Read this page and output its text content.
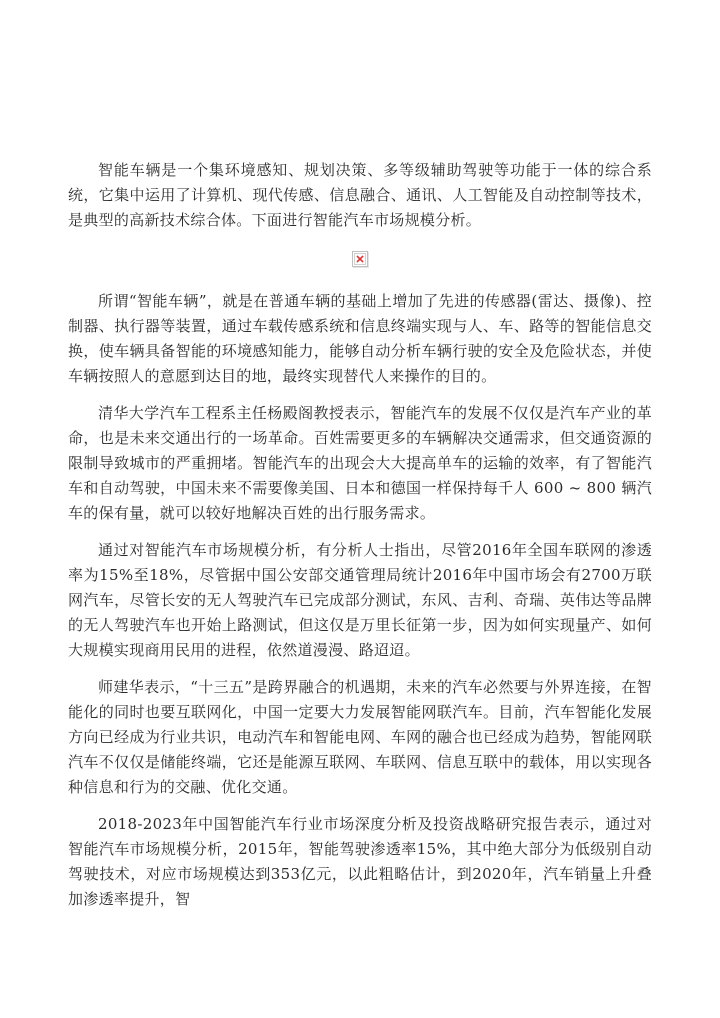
智能车辆是一个集环境感知、规划决策、多等级辅助驾驶等功能于一体的综合系统，它集中运用了计算机、现代传感、信息融合、通讯、人工智能及自动控制等技术，是典型的高新技术综合体。下面进行智能汽车市场规模分析。

所谓“智能车辆”，就是在普通车辆的基础上增加了先进的传感器(雷达、摄像)、控制器、执行器等装置，通过车载传感系统和信息终端实现与人、车、路等的智能信息交换，使车辆具备智能的环境感知能力，能够自动分析车辆行驶的安全及危险状态，并使车辆按照人的意愿到达目的地，最终实现替代人来操作的目的。

清华大学汽车工程系主任杨殿阁教授表示，智能汽车的发展不仅仅是汽车产业的革命，也是未来交通出行的一场革命。百姓需要更多的车辆解决交通需求，但交通资源的限制导致城市的严重拥堵。智能汽车的出现会大大提高单车的运输的效率，有了智能汽车和自动驾驶，中国未来不需要像美国、日本和德国一样保持每千人 600 ~ 800 辆汽车的保有量，就可以较好地解决百姓的出行服务需求。

通过对智能汽车市场规模分析，有分析人士指出，尽管2016年全国车联网的渗透率为15%至18%，尽管据中国公安部交通管理局统计2016年中国市场会有2700万联网汽车，尽管长安的无人驾驶汽车已完成部分测试，东风、吉利、奇瑞、英伟达等品牌的无人驾驶汽车也开始上路测试，但这仅是万里长征第一步，因为如何实现量产、如何大规模实现商用民用的进程，依然道漫漫、路迢迢。

师建华表示，“十三五”是跨界融合的机遇期，未来的汽车必然要与外界连接，在智能化的同时也要互联网化，中国一定要大力发展智能网联汽车。目前，汽车智能化发展方向已经成为行业共识，电动汽车和智能电网、车网的融合也已经成为趋势，智能网联汽车不仅仅是储能终端，它还是能源互联网、车联网、信息互联中的载体，用以实现各种信息和行为的交融、优化交通。

2018-2023年中国智能汽车行业市场深度分析及投资战略研究报告表示，通过对智能汽车市场规模分析，2015年，智能驾驶渗透率15%，其中绝大部分为低级别自动驾驶技术，对应市场规模达到353亿元，以此粗略估计，到2020年，汽车销量上升叠加渗透率提升，智
